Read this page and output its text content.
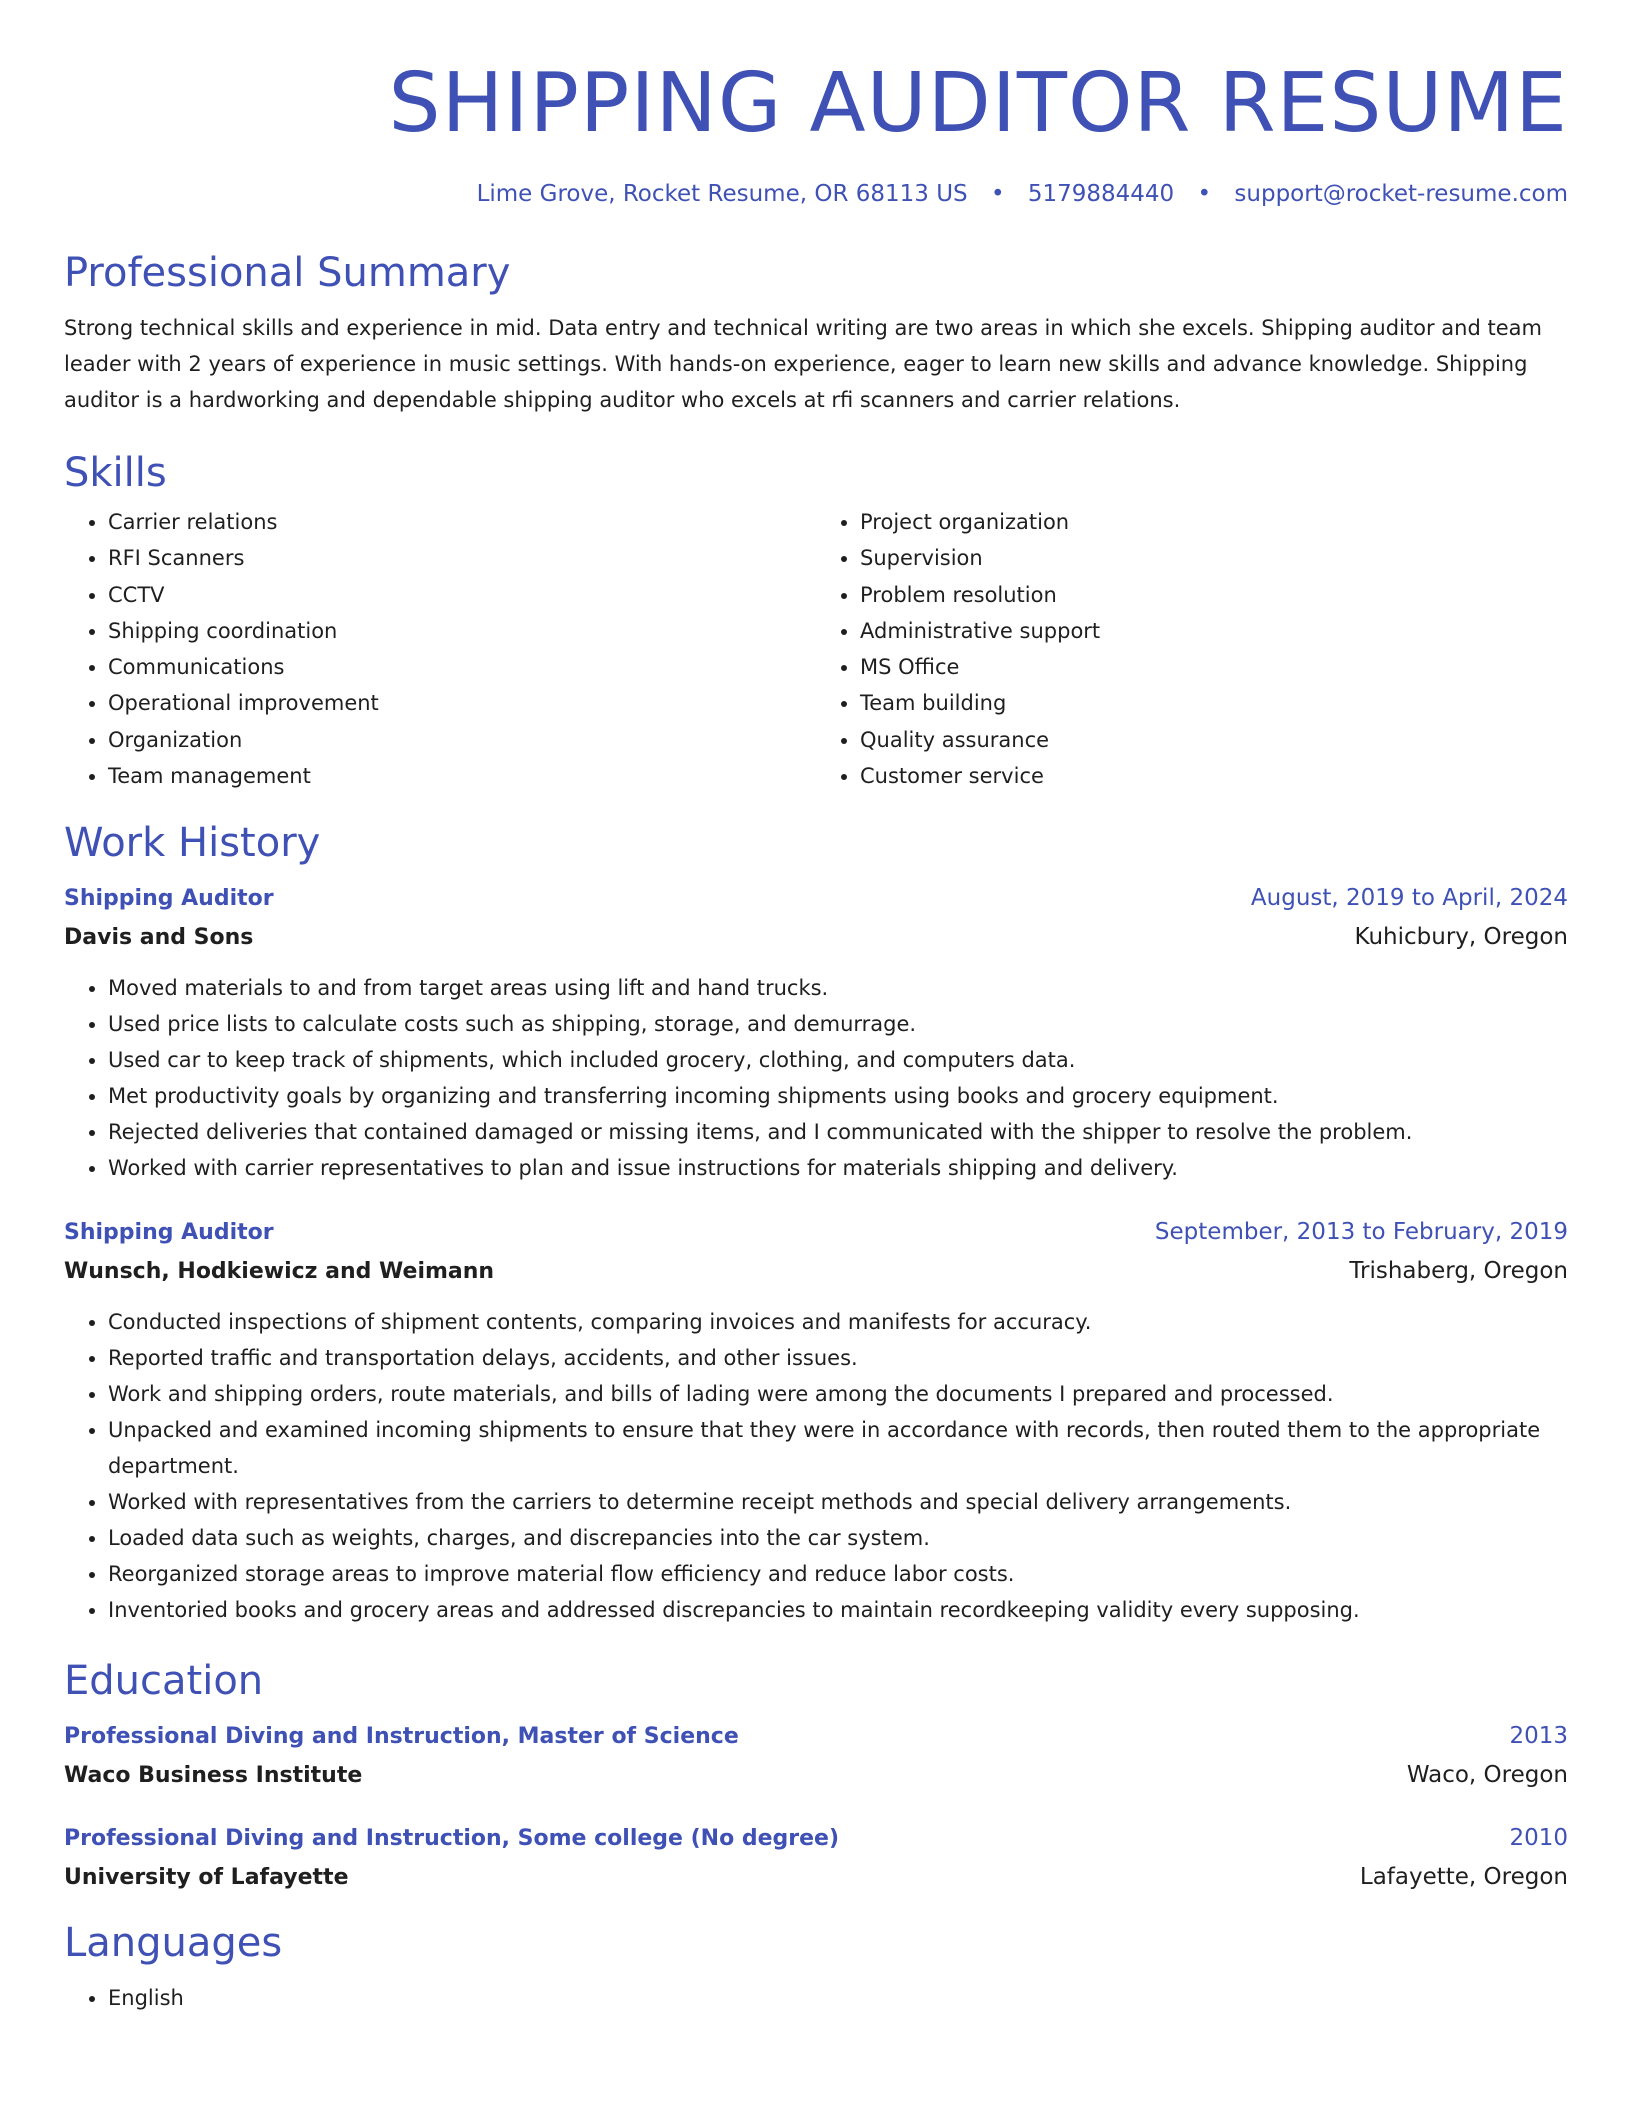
SHIPPING AUDITOR RESUME
Lime Grove, Rocket Resume, OR 68113 US • 5179884440 • support@rocket-resume.com
Professional Summary
Strong technical skills and experience in mid. Data entry and technical writing are two areas in which she excels. Shipping auditor and team leader with 2 years of experience in music settings. With hands-on experience, eager to learn new skills and advance knowledge. Shipping auditor is a hardworking and dependable shipping auditor who excels at rfi scanners and carrier relations.
Skills
• Carrier relations
• RFI Scanners
• CCTV
• Shipping coordination
• Communications
• Operational improvement
• Organization
• Team management
• Project organization
• Supervision
• Problem resolution
• Administrative support
• MS Office
• Team building
• Quality assurance
• Customer service
Work History
Shipping Auditor	August, 2019 to April, 2024
Davis and Sons	Kuhicbury, Oregon
• Moved materials to and from target areas using lift and hand trucks.
• Used price lists to calculate costs such as shipping, storage, and demurrage.
• Used car to keep track of shipments, which included grocery, clothing, and computers data.
• Met productivity goals by organizing and transferring incoming shipments using books and grocery equipment.
• Rejected deliveries that contained damaged or missing items, and I communicated with the shipper to resolve the problem.
• Worked with carrier representatives to plan and issue instructions for materials shipping and delivery.
Shipping Auditor	September, 2013 to February, 2019
Wunsch, Hodkiewicz and Weimann	Trishaberg, Oregon
• Conducted inspections of shipment contents, comparing invoices and manifests for accuracy.
• Reported traffic and transportation delays, accidents, and other issues.
• Work and shipping orders, route materials, and bills of lading were among the documents I prepared and processed.
• Unpacked and examined incoming shipments to ensure that they were in accordance with records, then routed them to the appropriate department.
• Worked with representatives from the carriers to determine receipt methods and special delivery arrangements.
• Loaded data such as weights, charges, and discrepancies into the car system.
• Reorganized storage areas to improve material flow efficiency and reduce labor costs.
• Inventoried books and grocery areas and addressed discrepancies to maintain recordkeeping validity every supposing.
Education
Professional Diving and Instruction, Master of Science	2013
Waco Business Institute	Waco, Oregon
Professional Diving and Instruction, Some college (No degree)	2010
University of Lafayette	Lafayette, Oregon
Languages
• English
